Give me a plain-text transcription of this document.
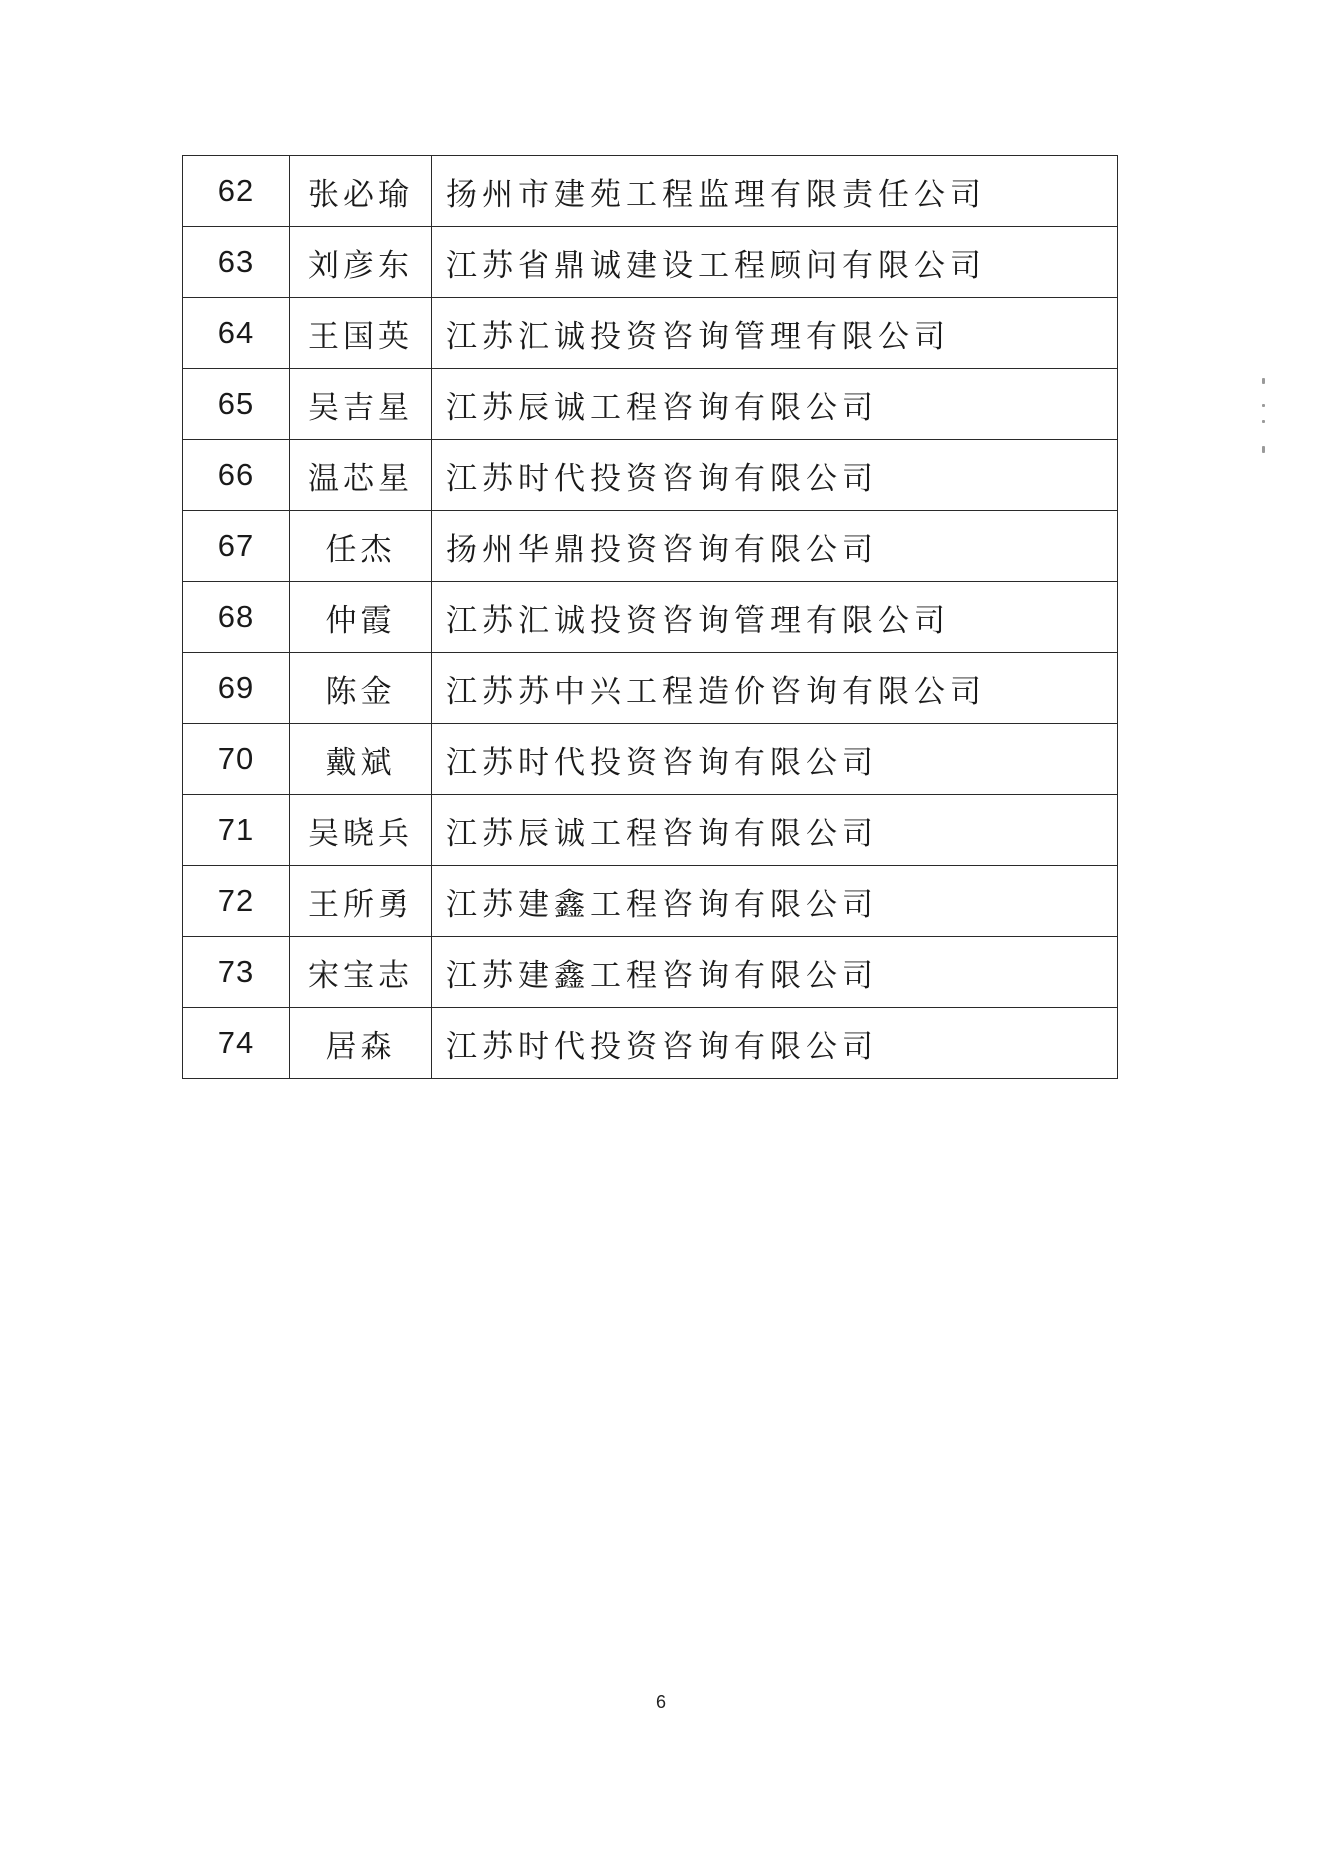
62	张必瑜	扬州市建苑工程监理有限责任公司
63	刘彦东	江苏省鼎诚建设工程顾问有限公司
64	王国英	江苏汇诚投资咨询管理有限公司
65	吴吉星	江苏辰诚工程咨询有限公司
66	温芯星	江苏时代投资咨询有限公司
67	任杰	扬州华鼎投资咨询有限公司
68	仲霞	江苏汇诚投资咨询管理有限公司
69	陈金	江苏苏中兴工程造价咨询有限公司
70	戴斌	江苏时代投资咨询有限公司
71	吴晓兵	江苏辰诚工程咨询有限公司
72	王所勇	江苏建鑫工程咨询有限公司
73	宋宝志	江苏建鑫工程咨询有限公司
74	居森	江苏时代投资咨询有限公司
6
